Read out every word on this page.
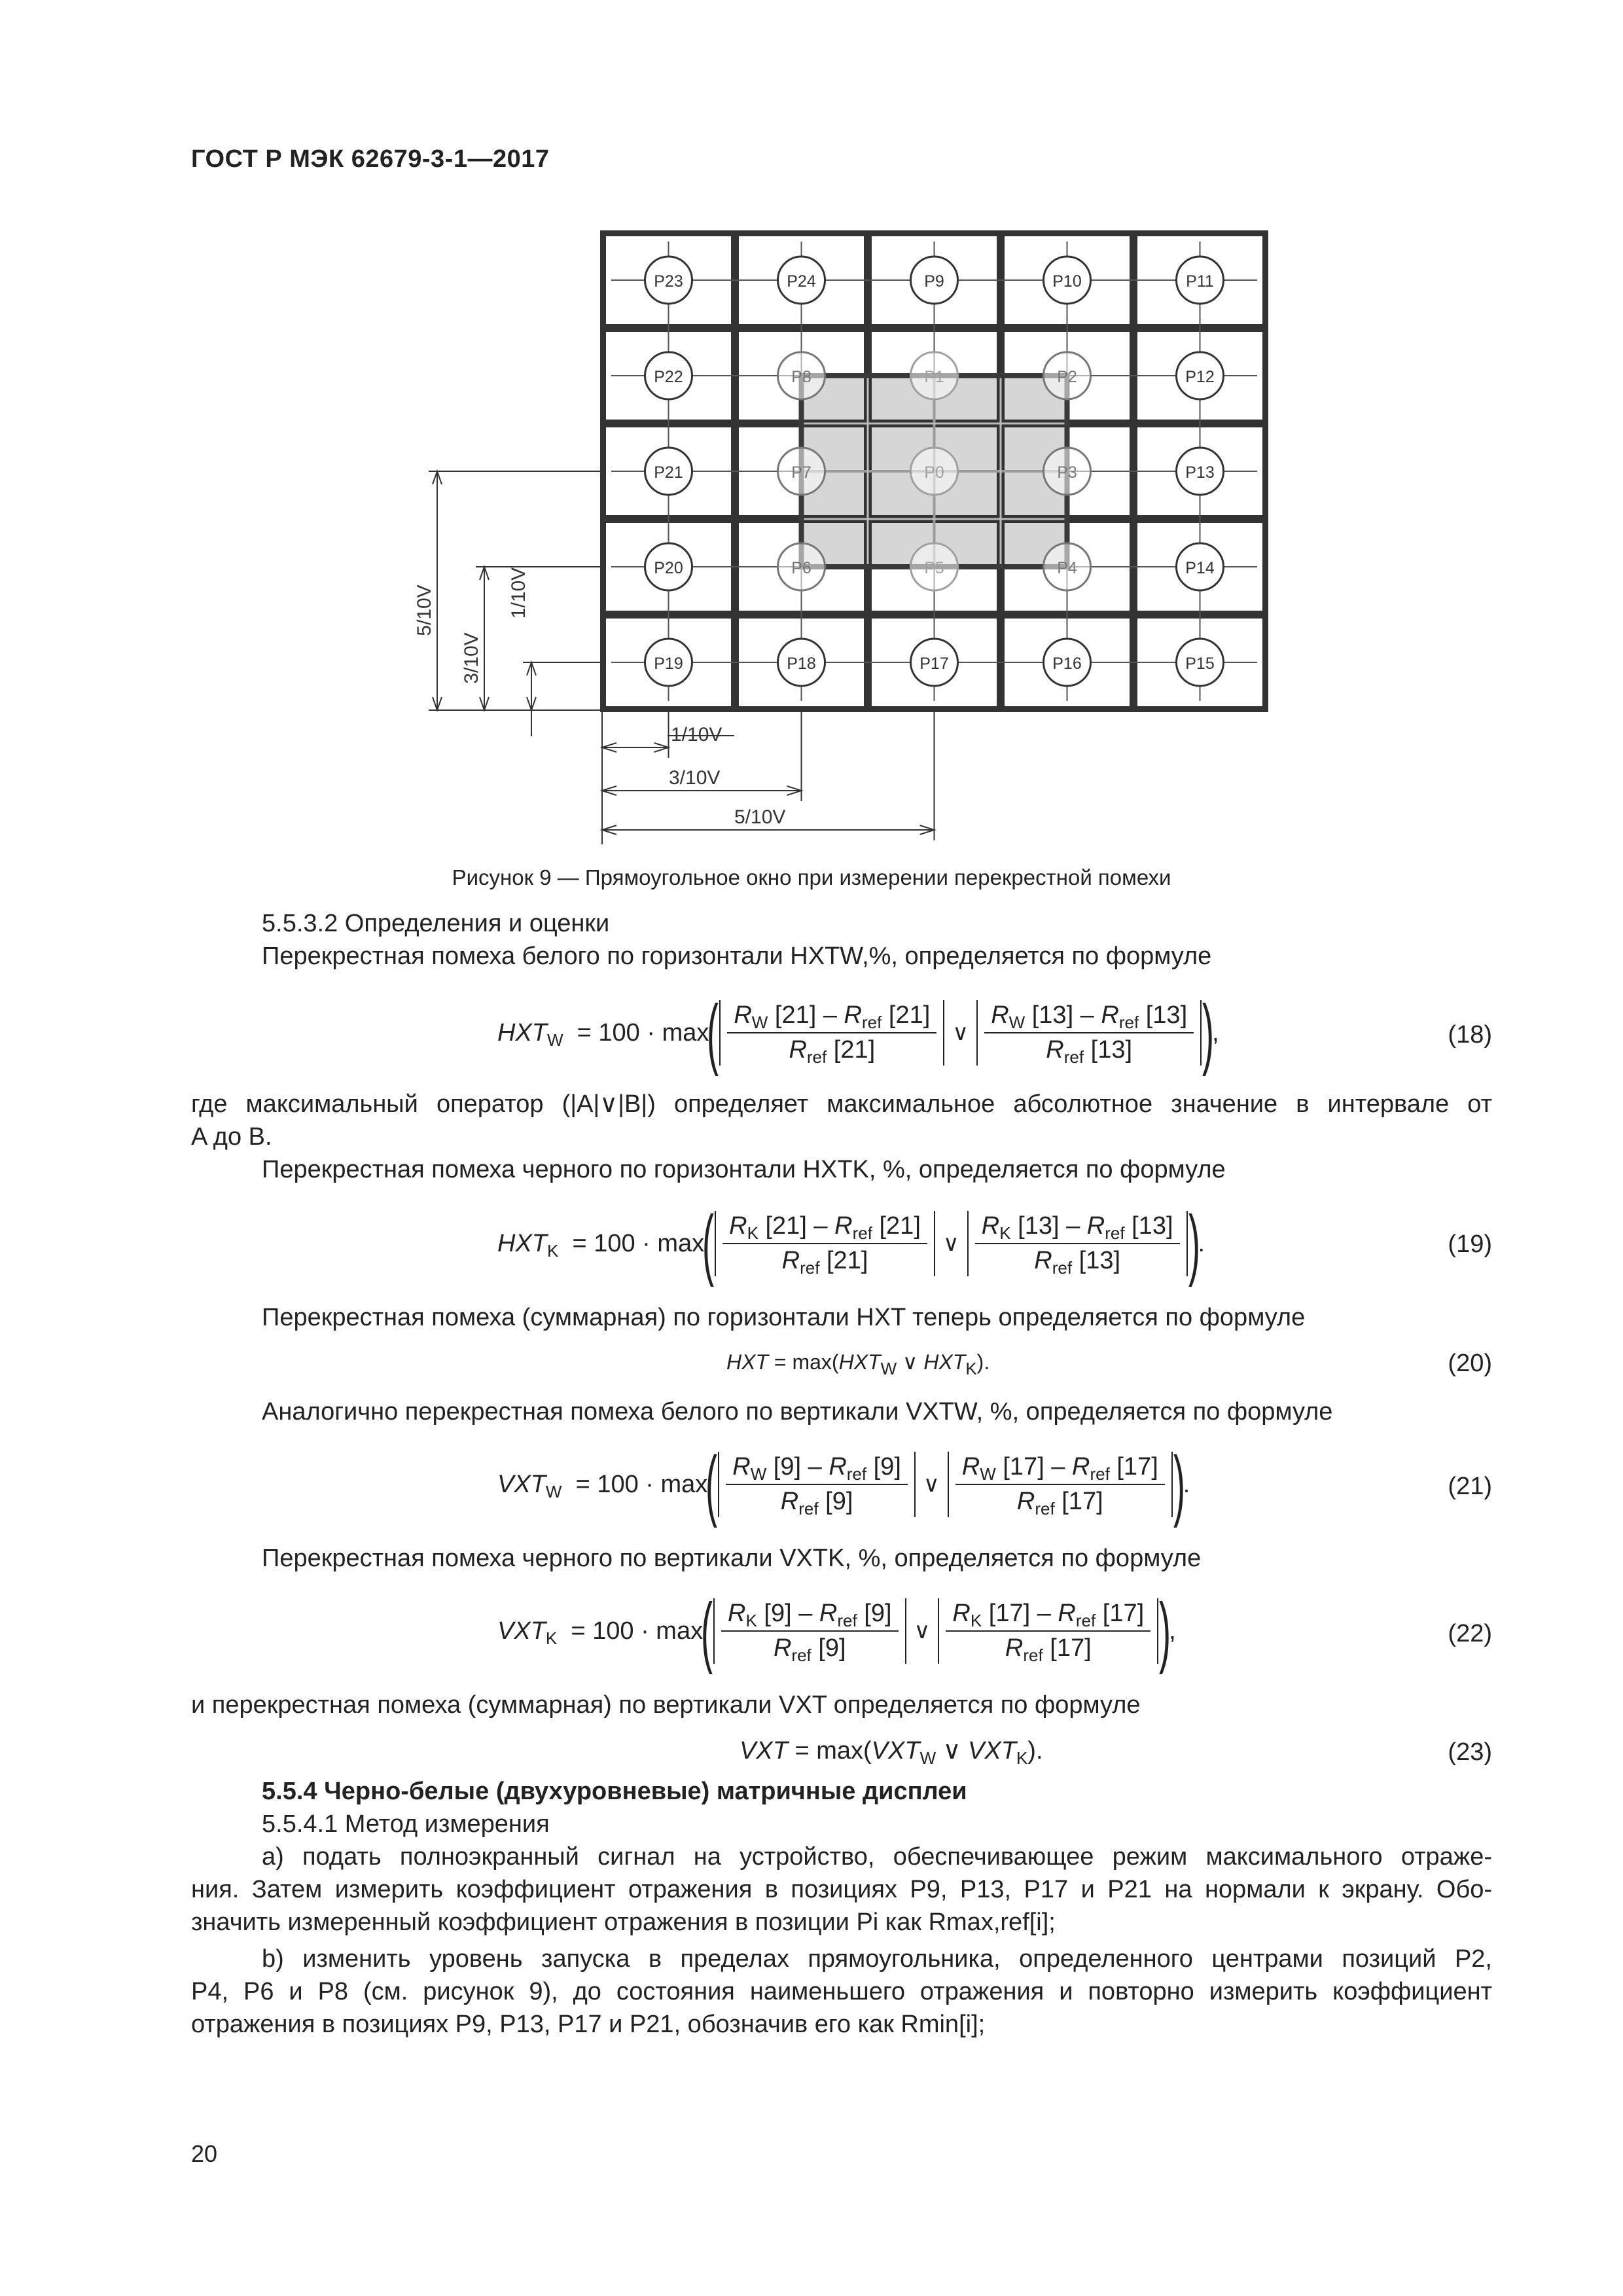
ГОСТ Р МЭК 62679-3-1—2017
P23	P24	P9	P10	P11
P22	P8	P1	P2	P12
P21	P7	P0	P3	P13
P20	P6	P5	P4	P14
P19	P18	P17	P16	P15
5/10V
3/10V
1/10V
1/10V
3/10V
5/10V
Рисунок 9 — Прямоугольное окно при измерении перекрестной помехи
5.5.3.2 Определения и оценки
Перекрестная помеха белого по горизонтали HXTW,%, определяется по формуле
$HXT_W = 100 \cdot \max$
( $\frac{R_W [21] - R_{ref} [21]}{R_{ref} [21]}$ ∨ $\frac{R_W [13] - R_{ref} [13]}{R_{ref} [13]}$ )
,	(18)
где максимальный оператор (|A|∨|B|) определяет максимальное абсолютное значение в интервале от
A до B.
Перекрестная помеха черного по горизонтали HXTK, %, определяется по формуле
$HXT_K = 100 \cdot \max$
( $\frac{R_K [21] - R_{ref} [21]}{R_{ref} [21]}$ ∨ $\frac{R_K [13] - R_{ref} [13]}{R_{ref} [13]}$ )
.	(19)
Перекрестная помеха (суммарная) по горизонтали HXT теперь определяется по формуле
HXT = $\max(HXT_W$ ∨ $HXT_K$).	(20)
Аналогично перекрестная помеха белого по вертикали VXTW, %, определяется по формуле
$VXT_W = 100 \cdot \max$
( $\frac{R_W [9] - R_{ref} [9]}{R_{ref} [9]}$ ∨ $\frac{R_W [17] - R_{ref} [17]}{R_{ref} [17]}$ )
.	(21)
Перекрестная помеха черного по вертикали VXTK, %, определяется по формуле
$VXT_K = 100 \cdot \max$
( $\frac{R_K [9] - R_{ref} [9]}{R_{ref} [9]}$ ∨ $\frac{R_K [17] - R_{ref} [17]}{R_{ref} [17]}$ )
,	(22)
и перекрестная помеха (суммарная) по вертикали VXT определяется по формуле
VXT = $\max(VXT_W$ ∨ $VXT_K$).	(23)
5.5.4 Черно-белые (двухуровневые) матричные дисплеи
5.5.4.1 Метод измерения
a) подать полноэкранный сигнал на устройство, обеспечивающее режим максимального отраже-
ния. Затем измерить коэффициент отражения в позициях P9, P13, P17 и P21 на нормали к экрану. Обо-
значить измеренный коэффициент отражения в позиции Pi как Rmax,ref[i];
b) изменить уровень запуска в пределах прямоугольника, определенного центрами позиций P2,
P4, P6 и P8 (см. рисунок 9), до состояния наименьшего отражения и повторно измерить коэффициент
отражения в позициях P9, P13, P17 и P21, обозначив его как Rmin[i];
20
